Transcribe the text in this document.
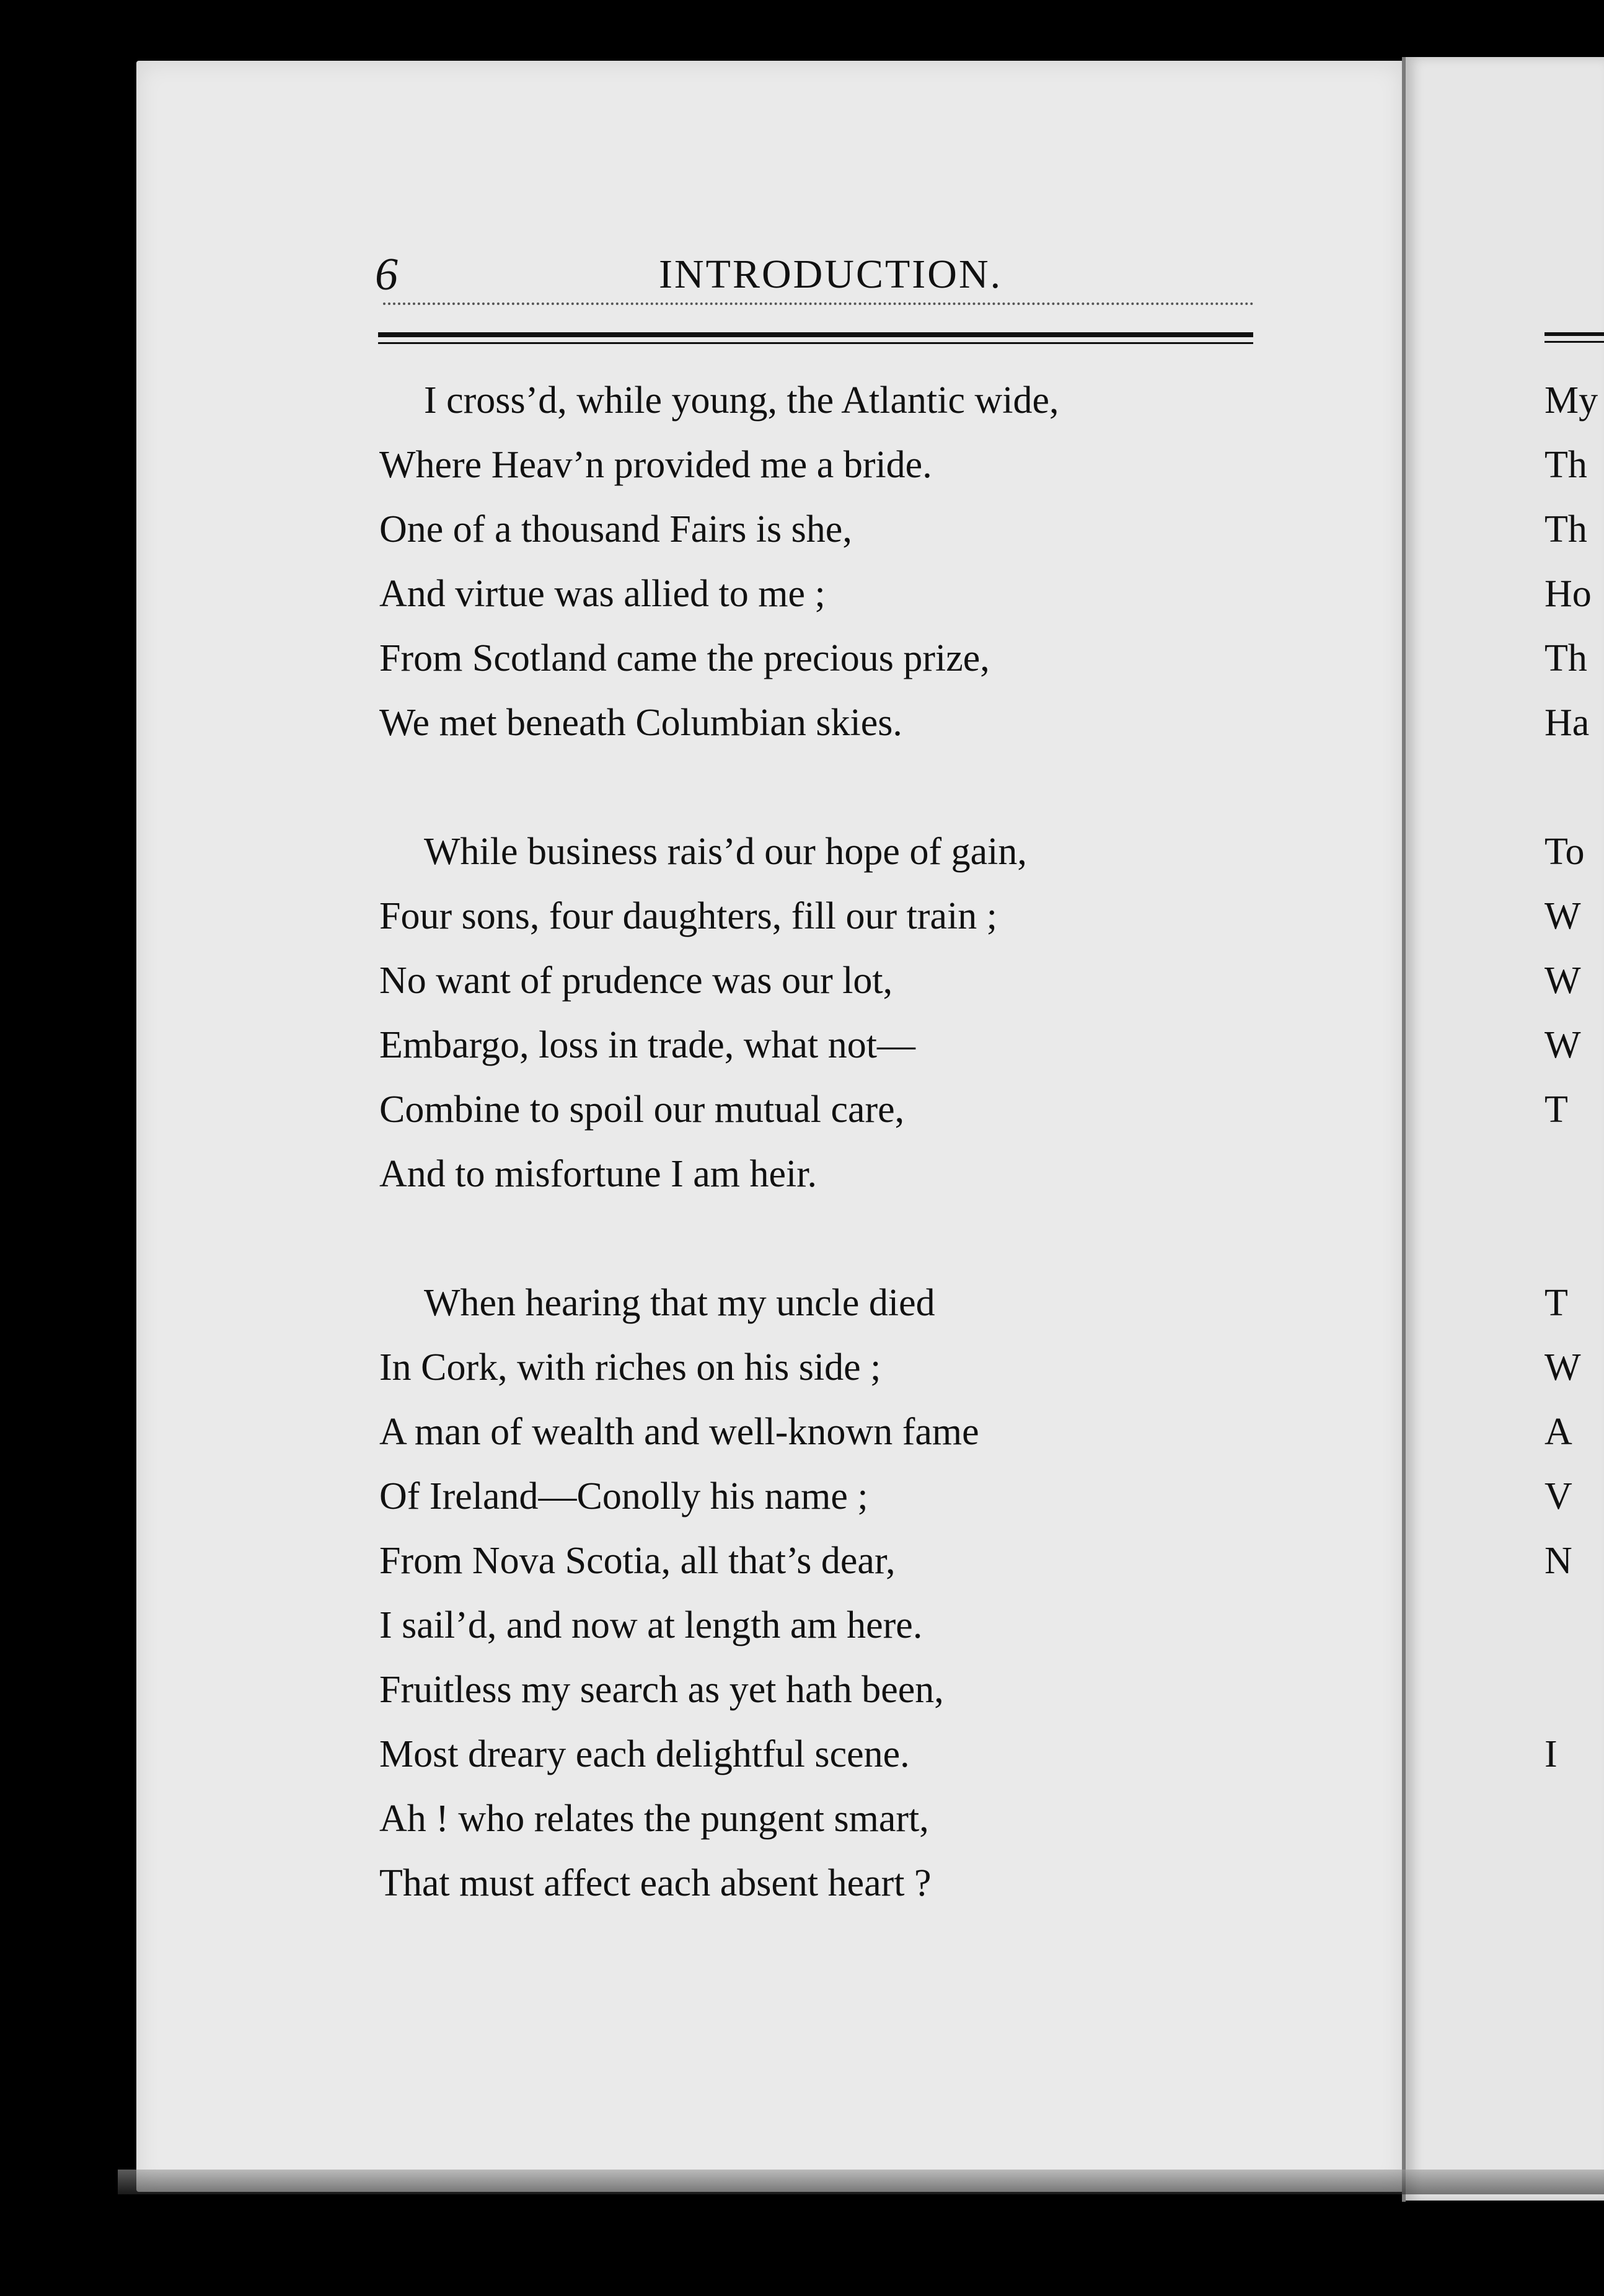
6	INTRODUCTION.
I cross’d, while young, the Atlantic wide,
Where Heav’n provided me a bride.
One of a thousand Fairs is she,
And virtue was allied to me ;
From Scotland came the precious prize,
We met beneath Columbian skies.
While business rais’d our hope of gain,
Four sons, four daughters, fill our train ;
No want of prudence was our lot,
Embargo, loss in trade, what not—
Combine to spoil our mutual care,
And to misfortune I am heir.
When hearing that my uncle died
In Cork, with riches on his side ;
A man of wealth and well-known fame
Of Ireland—Conolly his name ;
From Nova Scotia, all that’s dear,
I sail’d, and now at length am here.
Fruitless my search as yet hath been,
Most dreary each delightful scene.
Ah ! who relates the pungent smart,
That must affect each absent heart ?
My
Th
Th
Ho
Th
Ha
To
W
W
W
T
T
W
A
V
N
I
